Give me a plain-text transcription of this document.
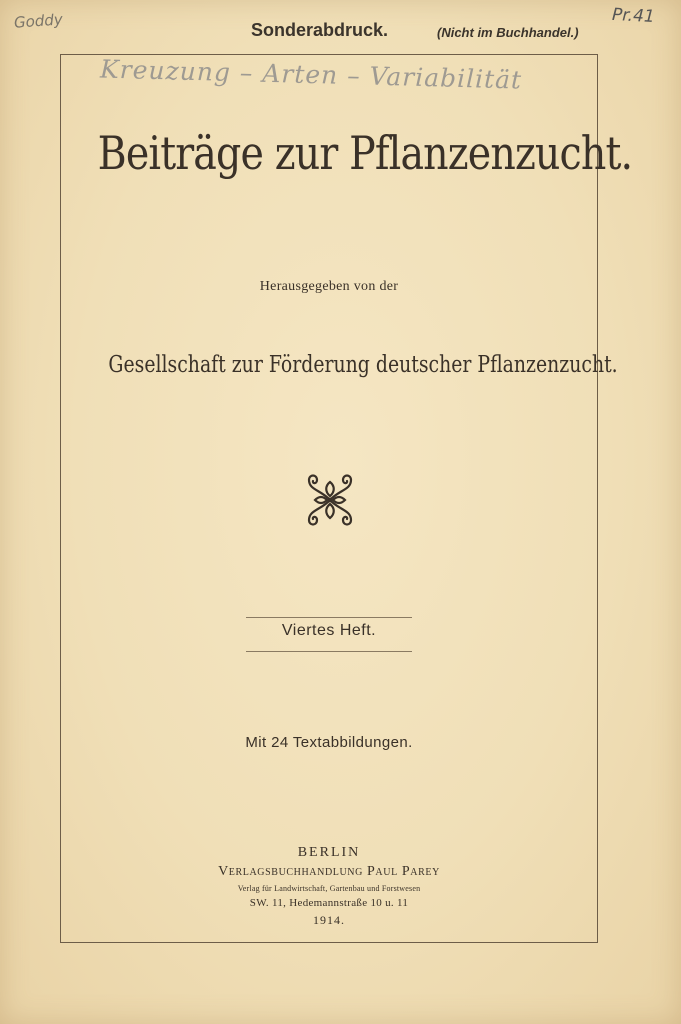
Goddy	Pr.41
Sonderabdruck.	(Nicht im Buchhandel.)
Kreuzung – Arten – Variabilität
Beiträge zur Pflanzenzucht.
Herausgegeben von der
Gesellschaft zur Förderung deutscher Pflanzenzucht.
Viertes Heft.
Mit 24 Textabbildungen.
BERLIN
Verlagsbuchhandlung Paul Parey
Verlag für Landwirtschaft, Gartenbau und Forstwesen
SW. 11, Hedemannstraße 10 u. 11
1914.
